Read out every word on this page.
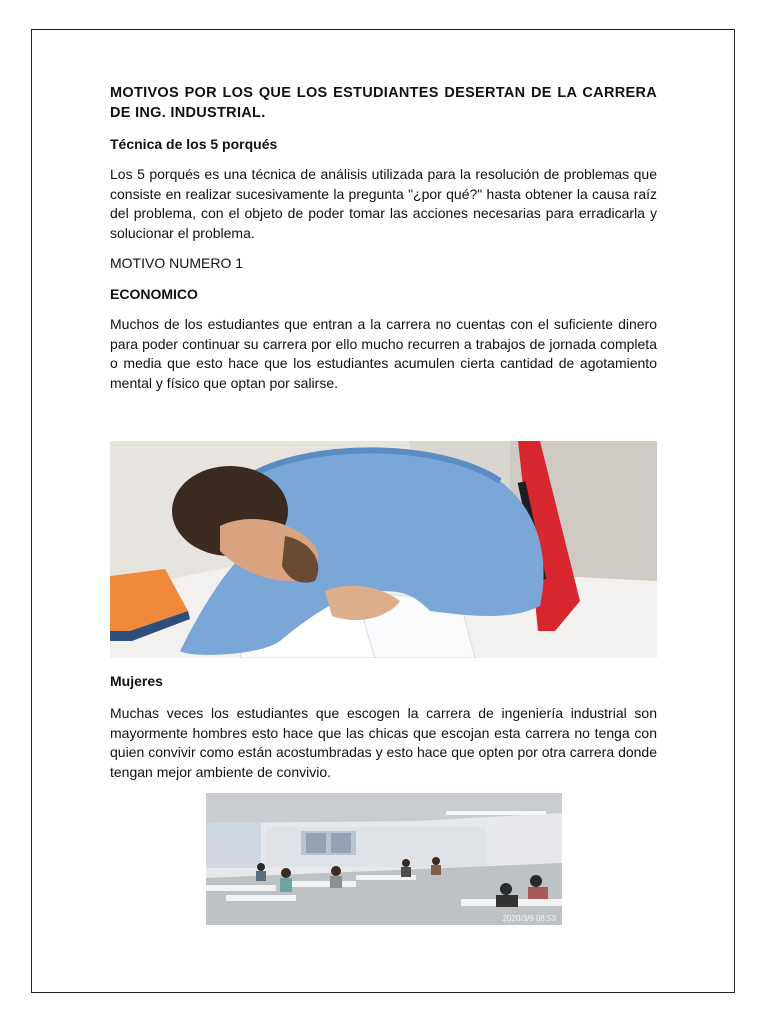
MOTIVOS POR LOS QUE LOS ESTUDIANTES DESERTAN DE LA CARRERA DE ING. INDUSTRIAL.

Técnica de los 5 porqués

Los 5 porqués es una técnica de análisis utilizada para la resolución de problemas que consiste en realizar sucesivamente la pregunta "¿por qué?" hasta obtener la causa raíz del problema, con el objeto de poder tomar las acciones necesarias para erradicarla y solucionar el problema.

MOTIVO NUMERO 1

ECONOMICO

Muchos de los estudiantes que entran a la carrera no cuentas con el suficiente dinero para poder continuar su carrera por ello mucho recurren a trabajos de jornada completa o media que esto hace que los estudiantes acumulen cierta cantidad de agotamiento mental y físico que optan por salirse.

Mujeres

Muchas veces los estudiantes que escogen la carrera de ingeniería industrial son mayormente hombres esto hace que las chicas que escojan esta carrera no tenga con quien convivir como están acostumbradas y esto hace que opten por otra carrera donde tengan mejor ambiente de convivio.

2020/3/9 08:53
